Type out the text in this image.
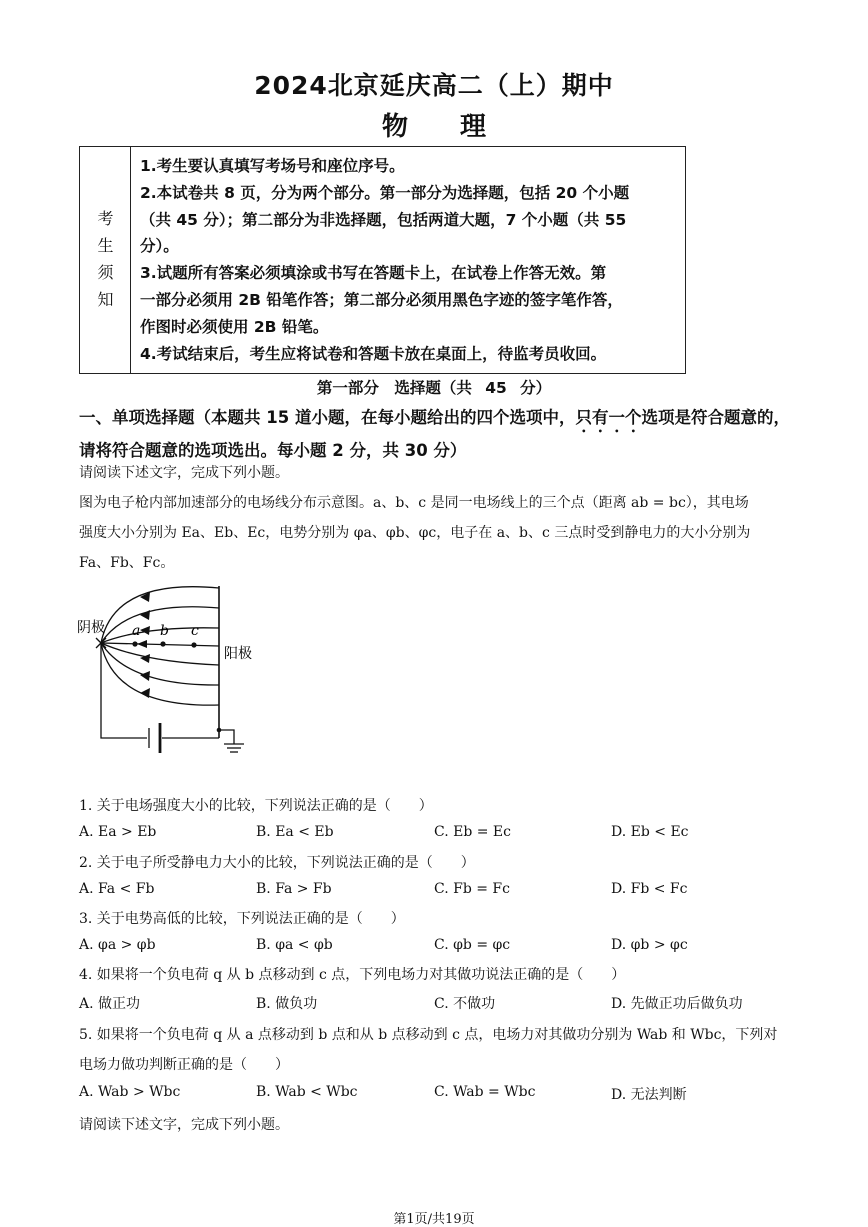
2024北京延庆高二（上）期中
物　　理
考
生
须
知
1.考生要认真填写考场号和座位序号。
2.本试卷共 8 页，分为两个部分。第一部分为选择题，包括 20 个小题
（共 45 分）；第二部分为非选择题，包括两道大题，7 个小题（共 55
分）。
3.试题所有答案必须填涂或书写在答题卡上，在试卷上作答无效。第
一部分必须用 2B 铅笔作答；第二部分必须用黑色字迹的签字笔作答，
作图时必须使用 2B 铅笔。
4.考试结束后，考生应将试卷和答题卡放在桌面上，待监考员收回。
第一部分　选择题（共 45 分）
一、单项选择题（本题共 15 道小题，在每小题给出的四个选项中，只有一个选项是符合题意的，请将符合题意的选项选出。每小题 2 分，共 30 分）
请阅读下述文字，完成下列小题。
图为电子枪内部加速部分的电场线分布示意图。a、b、c 是同一电场线上的三个点（距离 ab = bc），其电场
强度大小分别为 Ea、Eb、Ec，电势分别为 φa、φb、φc，电子在 a、b、c 三点时受到静电力的大小分别为
Fa、Fb、Fc。
阴极
阳极
a b c
1. 关于电场强度大小的比较，下列说法正确的是（　　）
A. Ea > Eb	B. Ea < Eb	C. Eb = Ec	D. Eb < Ec
2. 关于电子所受静电力大小的比较，下列说法正确的是（　　）
A. Fa < Fb	B. Fa > Fb	C. Fb = Fc	D. Fb < Fc
3. 关于电势高低的比较，下列说法正确的是（　　）
A. φa > φb	B. φa < φb	C. φb = φc	D. φb > φc
4. 如果将一个负电荷 q 从 b 点移动到 c 点，下列电场力对其做功说法正确的是（　　）
A. 做正功	B. 做负功	C. 不做功	D. 先做正功后做负功
5. 如果将一个负电荷 q 从 a 点移动到 b 点和从 b 点移动到 c 点，电场力对其做功分别为 Wab 和 Wbc，下列对
电场力做功判断正确的是（　　）
A. Wab > Wbc	B. Wab < Wbc	C. Wab = Wbc	D. 无法判断
请阅读下述文字，完成下列小题。
第1页/共19页
